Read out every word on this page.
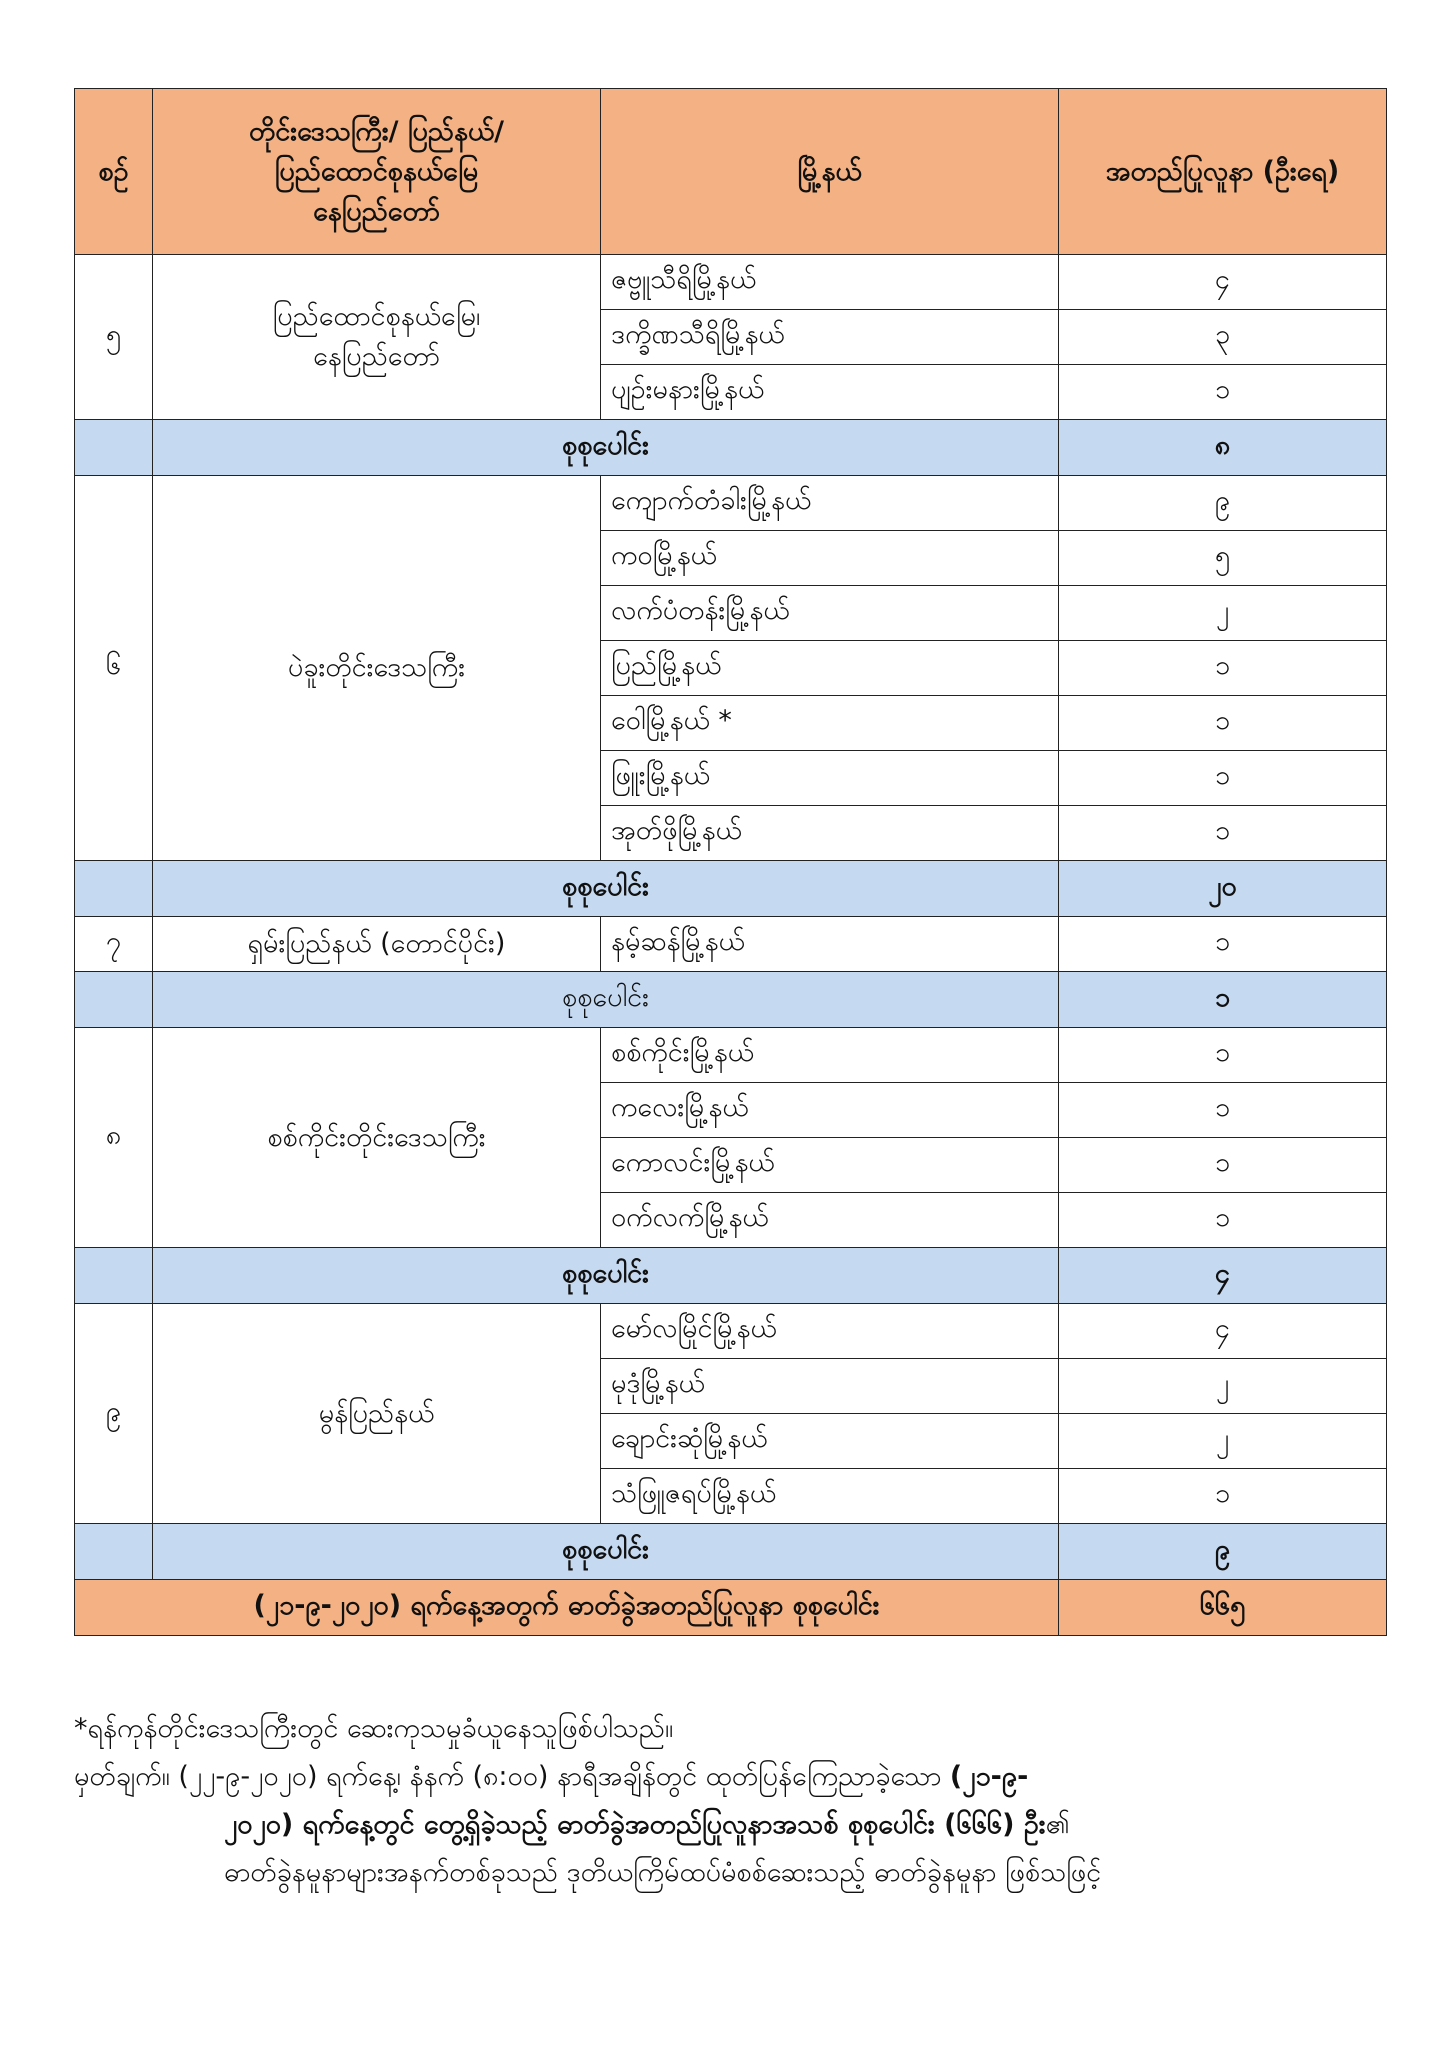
စဉ်	တိုင်းဒေသကြီး/ ပြည်နယ်/
ပြည်ထောင်စုနယ်မြေ
နေပြည်တော်	မြို့နယ်	အတည်ပြုလူနာ (ဦးရေ)
၅	ပြည်ထောင်စုနယ်မြေ၊
နေပြည်တော်	ဇဗ္ဗူသီရိမြို့နယ်	၄
		ဒက္ခိဏသီရိမြို့နယ်	၃
		ပျဉ်းမနားမြို့နယ်	၁
	စုစုပေါင်း		၈
၆	ပဲခူးတိုင်းဒေသကြီး	ကျောက်တံခါးမြို့နယ်	၉
		ကဝမြို့နယ်	၅
		လက်ပံတန်းမြို့နယ်	၂
		ပြည်မြို့နယ်	၁
		ဝေါမြို့နယ် *	၁
		ဖြူးမြို့နယ်	၁
		အုတ်ဖိုမြို့နယ်	၁
	စုစုပေါင်း		၂၀
၇	ရှမ်းပြည်နယ် (တောင်ပိုင်း)	နမ့်ဆန်မြို့နယ်	၁
	စုစုပေါင်း		၁
၈	စစ်ကိုင်းတိုင်းဒေသကြီး	စစ်ကိုင်းမြို့နယ်	၁
		ကလေးမြို့နယ်	၁
		ကောလင်းမြို့နယ်	၁
		ဝက်လက်မြို့နယ်	၁
	စုစုပေါင်း		၄
၉	မွန်ပြည်နယ်	မော်လမြိုင်မြို့နယ်	၄
		မုဒုံမြို့နယ်	၂
		ချောင်းဆုံမြို့နယ်	၂
		သံဖြူဇရပ်မြို့နယ်	၁
	စုစုပေါင်း		၉
(၂၁-၉-၂၀၂၀) ရက်နေ့အတွက် ဓာတ်ခွဲအတည်ပြုလူနာ စုစုပေါင်း			၆၆၅

*ရန်ကုန်တိုင်းဒေသကြီးတွင် ဆေးကုသမှုခံယူနေသူဖြစ်ပါသည်။

မှတ်ချက်။ (၂၂-၉-၂၀၂၀) ရက်နေ့၊ နံနက် (၈:၀၀) နာရီအချိန်တွင် ထုတ်ပြန်ကြေညာခဲ့သော (၂၁-၉-

၂၀၂၀) ရက်နေ့တွင် တွေ့ရှိခဲ့သည့် ဓာတ်ခွဲအတည်ပြုလူနာအသစ် စုစုပေါင်း (၆၆၆) ဦး၏

ဓာတ်ခွဲနမူနာများအနက်တစ်ခုသည် ဒုတိယကြိမ်ထပ်မံစစ်ဆေးသည့် ဓာတ်ခွဲနမူနာ ဖြစ်သဖြင့်
